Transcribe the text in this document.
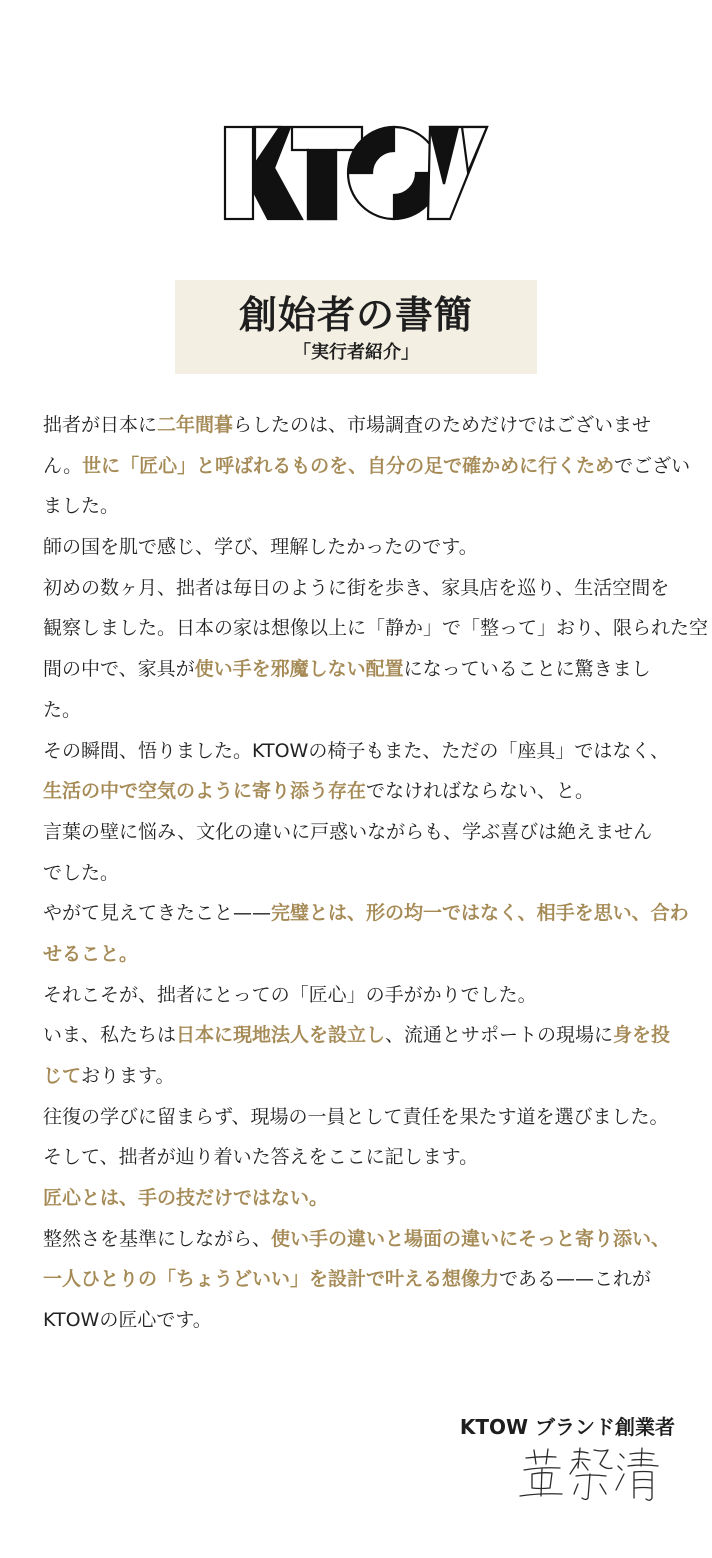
創始者の書簡
「実行者紹介」
拙者が日本に二年間暮らしたのは、市場調査のためだけではございませ
ん。世に「匠心」と呼ばれるものを、自分の足で確かめに行くためでござい
ました。
師の国を肌で感じ、学び、理解したかったのです。
初めの数ヶ月、拙者は毎日のように街を歩き、家具店を巡り、生活空間を
観察しました。日本の家は想像以上に「静か」で「整って」おり、限られた空
間の中で、家具が使い手を邪魔しない配置になっていることに驚きまし
た。
その瞬間、悟りました。KTOWの椅子もまた、ただの「座具」ではなく、
生活の中で空気のように寄り添う存在でなければならない、と。
言葉の壁に悩み、文化の違いに戸惑いながらも、学ぶ喜びは絶えません
でした。
やがて見えてきたこと——完璧とは、形の均一ではなく、相手を思い、合わ
せること。
それこそが、拙者にとっての「匠心」の手がかりでした。
いま、私たちは日本に現地法人を設立し、流通とサポートの現場に身を投
じております。
往復の学びに留まらず、現場の一員として責任を果たす道を選びました。
そして、拙者が辿り着いた答えをここに記します。
匠心とは、手の技だけではない。
整然さを基準にしながら、使い手の違いと場面の違いにそっと寄り添い、
一人ひとりの「ちょうどいい」を設計で叶える想像力である——これが
KTOWの匠心です。
KTOW ブランド創業者
